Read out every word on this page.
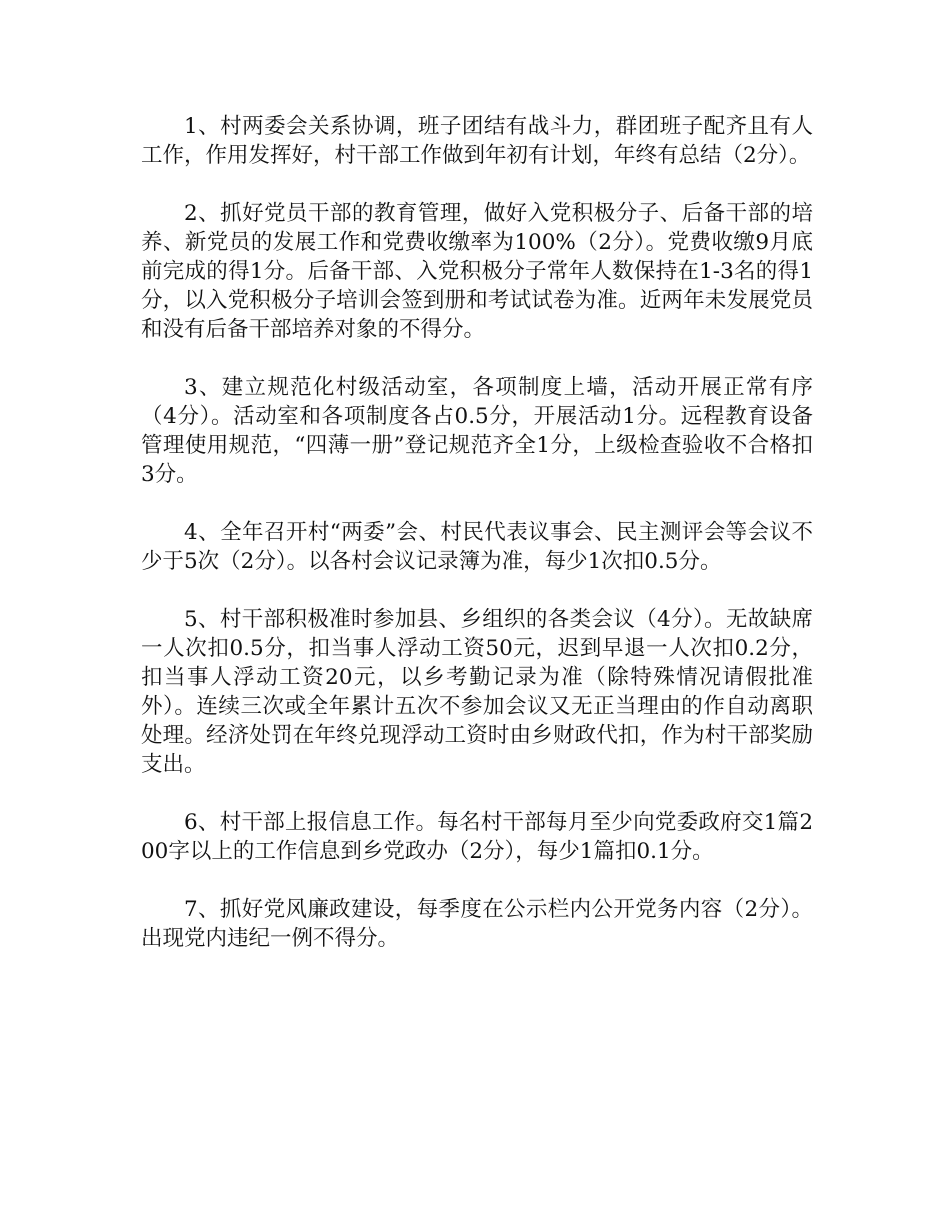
1、村两委会关系协调，班子团结有战斗力，群团班子配齐且有人工作，作用发挥好，村干部工作做到年初有计划，年终有总结（2分）。

2、抓好党员干部的教育管理，做好入党积极分子、后备干部的培养、新党员的发展工作和党费收缴率为100%（2分）。党费收缴9月底前完成的得1分。后备干部、入党积极分子常年人数保持在1-3名的得1分，以入党积极分子培训会签到册和考试试卷为准。近两年未发展党员和没有后备干部培养对象的不得分。

3、建立规范化村级活动室，各项制度上墙，活动开展正常有序（4分）。活动室和各项制度各占0.5分，开展活动1分。远程教育设备管理使用规范，“四薄一册”登记规范齐全1分，上级检查验收不合格扣3分。

4、全年召开村“两委”会、村民代表议事会、民主测评会等会议不少于5次（2分）。以各村会议记录簿为准，每少1次扣0.5分。

5、村干部积极准时参加县、乡组织的各类会议（4分）。无故缺席一人次扣0.5分，扣当事人浮动工资50元，迟到早退一人次扣0.2分，扣当事人浮动工资20元，以乡考勤记录为准（除特殊情况请假批准外）。连续三次或全年累计五次不参加会议又无正当理由的作自动离职处理。经济处罚在年终兑现浮动工资时由乡财政代扣，作为村干部奖励支出。

6、村干部上报信息工作。每名村干部每月至少向党委政府交1篇200字以上的工作信息到乡党政办（2分），每少1篇扣0.1分。

7、抓好党风廉政建设，每季度在公示栏内公开党务内容（2分）。出现党内违纪一例不得分。
